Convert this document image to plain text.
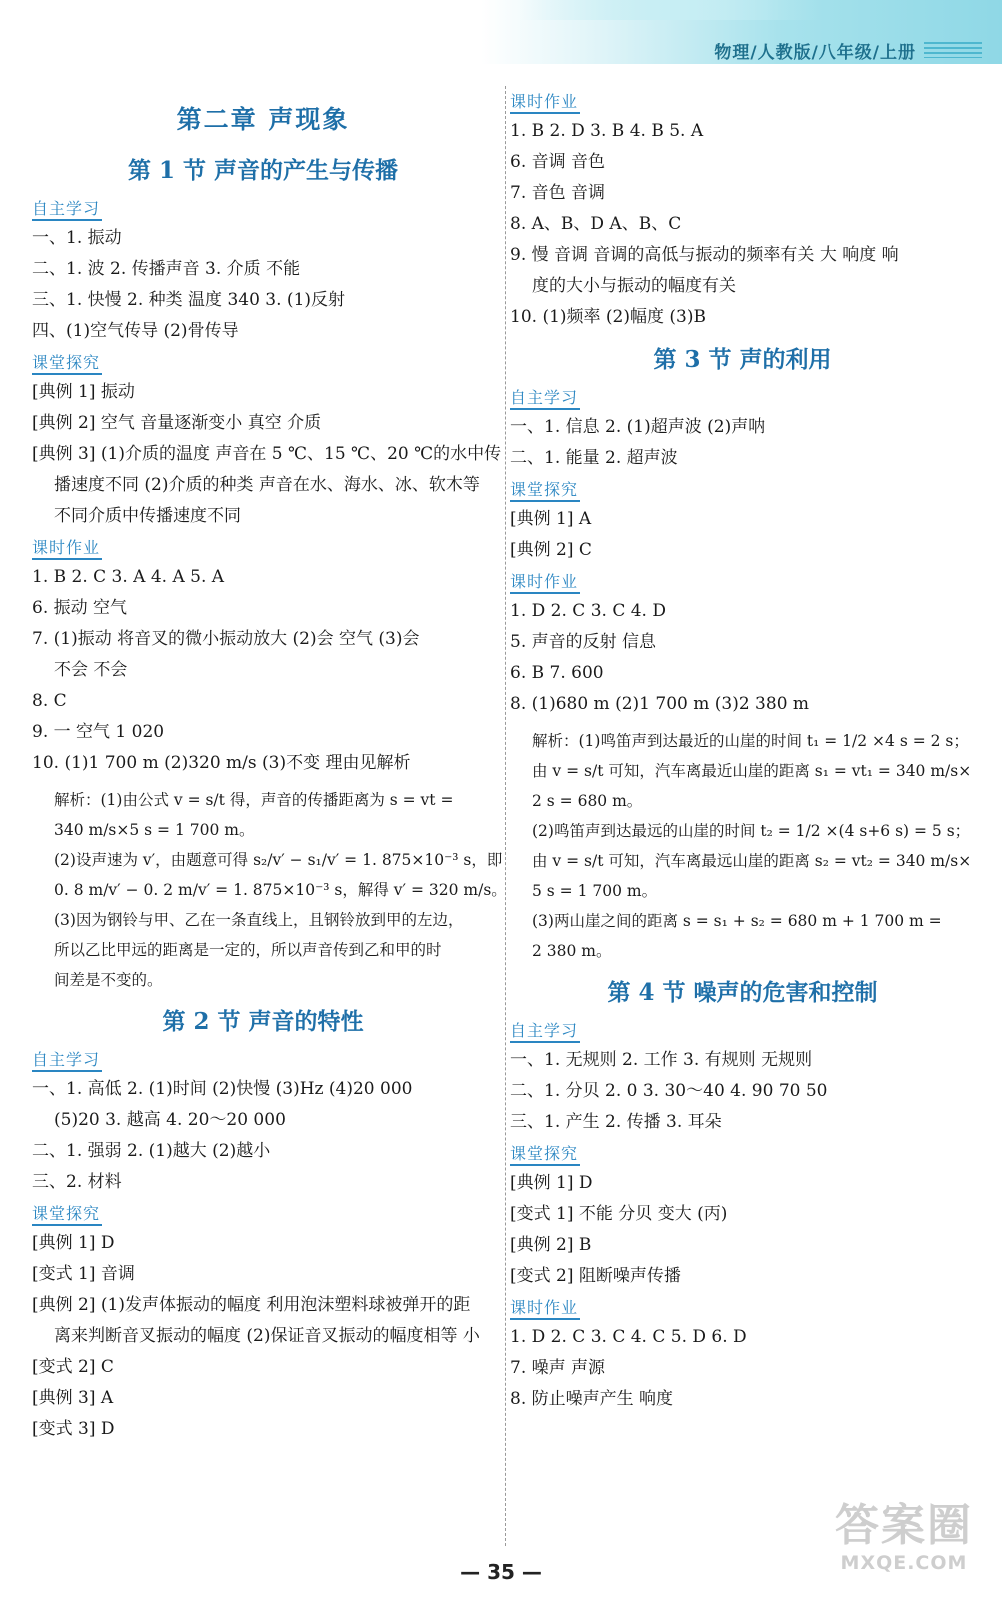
物理/人教版/八年级/上册
第二章 声现象
第 1 节 声音的产生与传播
自主学习
一、1. 振动
二、1. 波 2. 传播声音 3. 介质 不能
三、1. 快慢 2. 种类 温度 340 3. (1)反射
四、(1)空气传导 (2)骨传导
课堂探究
[典例 1] 振动
[典例 2] 空气 音量逐渐变小 真空 介质
[典例 3] (1)介质的温度 声音在 5 ℃、15 ℃、20 ℃的水中传
播速度不同 (2)介质的种类 声音在水、海水、冰、软木等
不同介质中传播速度不同
课时作业
1. B 2. C 3. A 4. A 5. A
6. 振动 空气
7. (1)振动 将音叉的微小振动放大 (2)会 空气 (3)会
不会 不会
8. C
9. 一 空气 1 020
10. (1)1 700 m (2)320 m/s (3)不变 理由见解析
解析：(1)由公式 v = s/t 得，声音的传播距离为 s = vt =
340 m/s×5 s = 1 700 m。
(2)设声速为 v′，由题意可得 s₂/v′ − s₁/v′ = 1. 875×10⁻³ s，即
0. 8 m/v′ − 0. 2 m/v′ = 1. 875×10⁻³ s，解得 v′ = 320 m/s。
(3)因为钢铃与甲、乙在一条直线上，且钢铃放到甲的左边，
所以乙比甲远的距离是一定的，所以声音传到乙和甲的时
间差是不变的。
第 2 节 声音的特性
自主学习
一、1. 高低 2. (1)时间 (2)快慢 (3)Hz (4)20 000
(5)20 3. 越高 4. 20～20 000
二、1. 强弱 2. (1)越大 (2)越小
三、2. 材料
课堂探究
[典例 1] D
[变式 1] 音调
[典例 2] (1)发声体振动的幅度 利用泡沫塑料球被弹开的距
离来判断音叉振动的幅度 (2)保证音叉振动的幅度相等 小
[变式 2] C
[典例 3] A
[变式 3] D
课时作业
1. B 2. D 3. B 4. B 5. A
6. 音调 音色
7. 音色 音调
8. A、B、D A、B、C
9. 慢 音调 音调的高低与振动的频率有关 大 响度 响
度的大小与振动的幅度有关
10. (1)频率 (2)幅度 (3)B
第 3 节 声的利用
自主学习
一、1. 信息 2. (1)超声波 (2)声呐
二、1. 能量 2. 超声波
课堂探究
[典例 1] A
[典例 2] C
课时作业
1. D 2. C 3. C 4. D
5. 声音的反射 信息
6. B 7. 600
8. (1)680 m (2)1 700 m (3)2 380 m
解析：(1)鸣笛声到达最近的山崖的时间 t₁ = 1/2 ×4 s = 2 s；
由 v = s/t 可知，汽车离最近山崖的距离 s₁ = vt₁ = 340 m/s×
2 s = 680 m。
(2)鸣笛声到达最远的山崖的时间 t₂ = 1/2 ×(4 s+6 s) = 5 s；
由 v = s/t 可知，汽车离最远山崖的距离 s₂ = vt₂ = 340 m/s×
5 s = 1 700 m。
(3)两山崖之间的距离 s = s₁ + s₂ = 680 m + 1 700 m =
2 380 m。
第 4 节 噪声的危害和控制
自主学习
一、1. 无规则 2. 工作 3. 有规则 无规则
二、1. 分贝 2. 0 3. 30～40 4. 90 70 50
三、1. 产生 2. 传播 3. 耳朵
课堂探究
[典例 1] D
[变式 1] 不能 分贝 变大 (丙)
[典例 2] B
[变式 2] 阻断噪声传播
课时作业
1. D 2. C 3. C 4. C 5. D 6. D
7. 噪声 声源
8. 防止噪声产生 响度
— 35 —
答案圈
MXQE.COM
